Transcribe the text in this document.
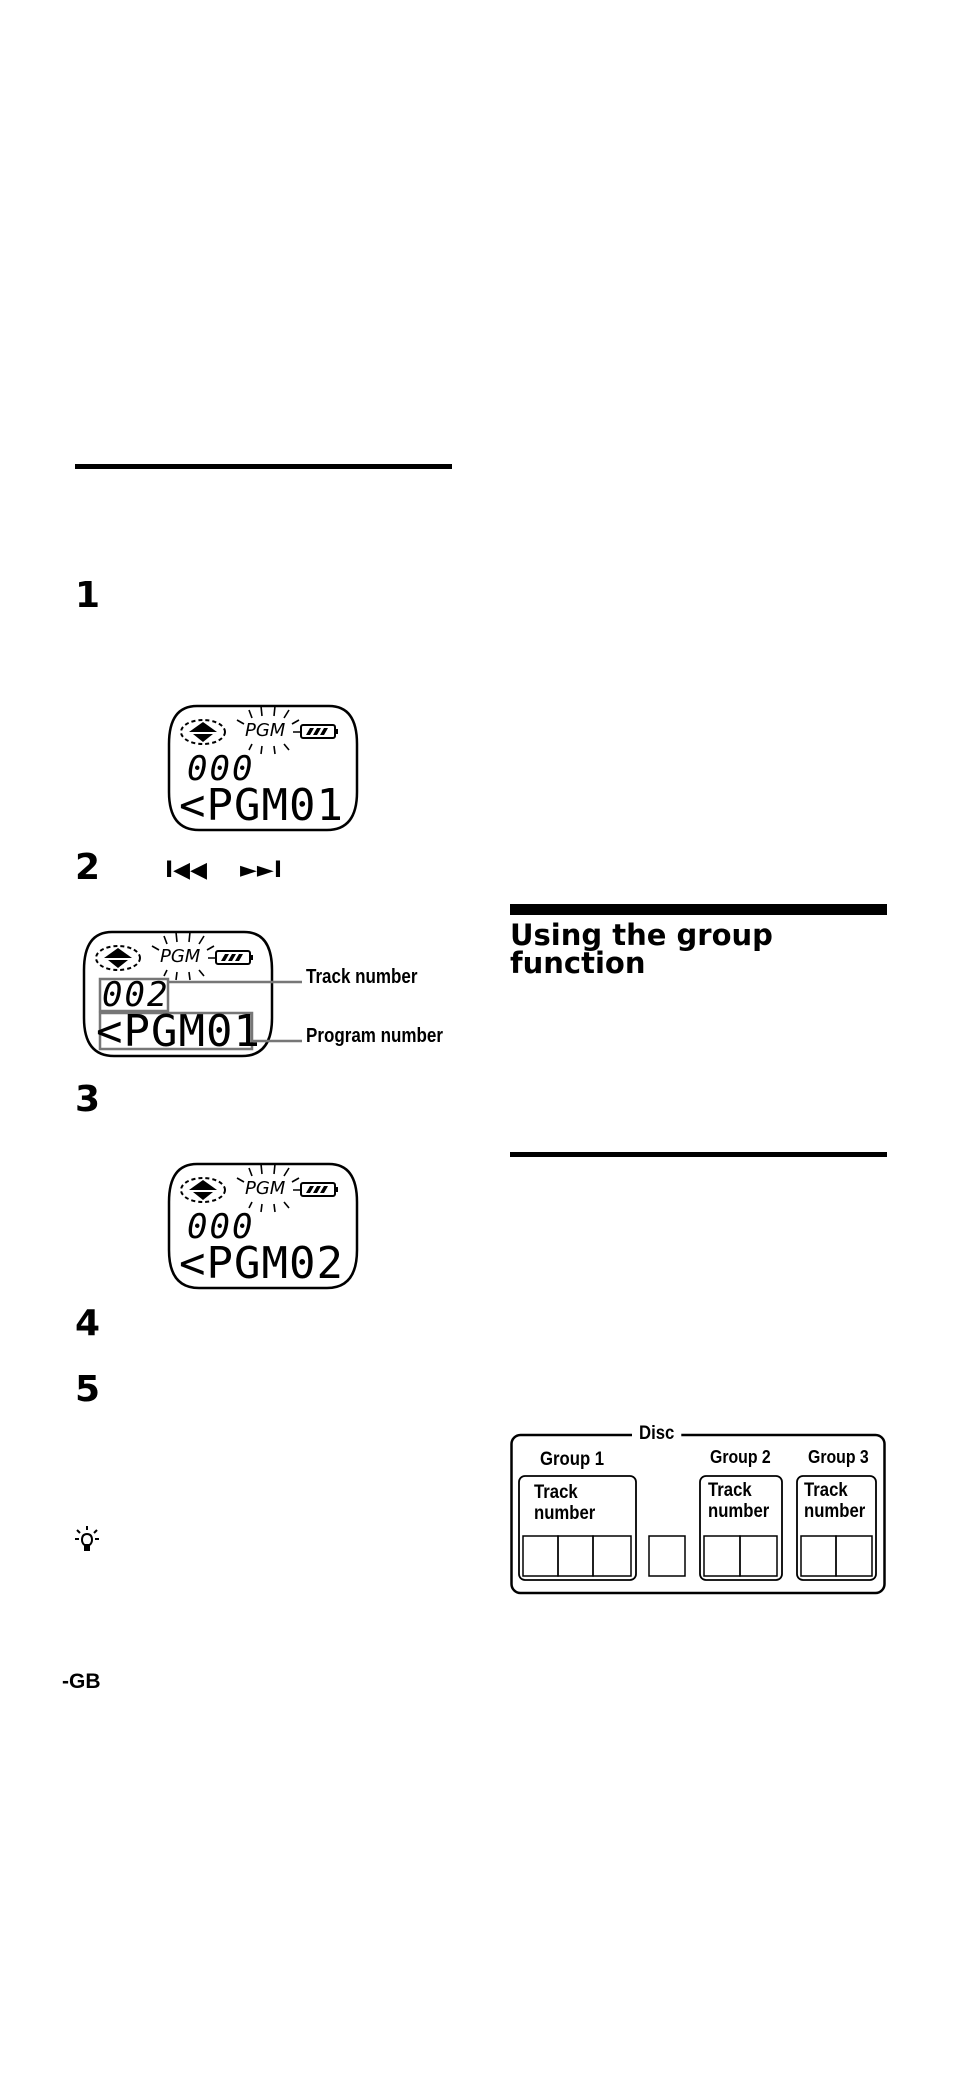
1
PGM
000
<PGM01
2	I◀◀ ►►I
PGM
002
<PGM01
Track number
Program number
3
PGM
000
<PGM02
4
5
-GB
Using the group function
Disc
Group 1	Group 2 Group 3
Track number
Track number
Track number
